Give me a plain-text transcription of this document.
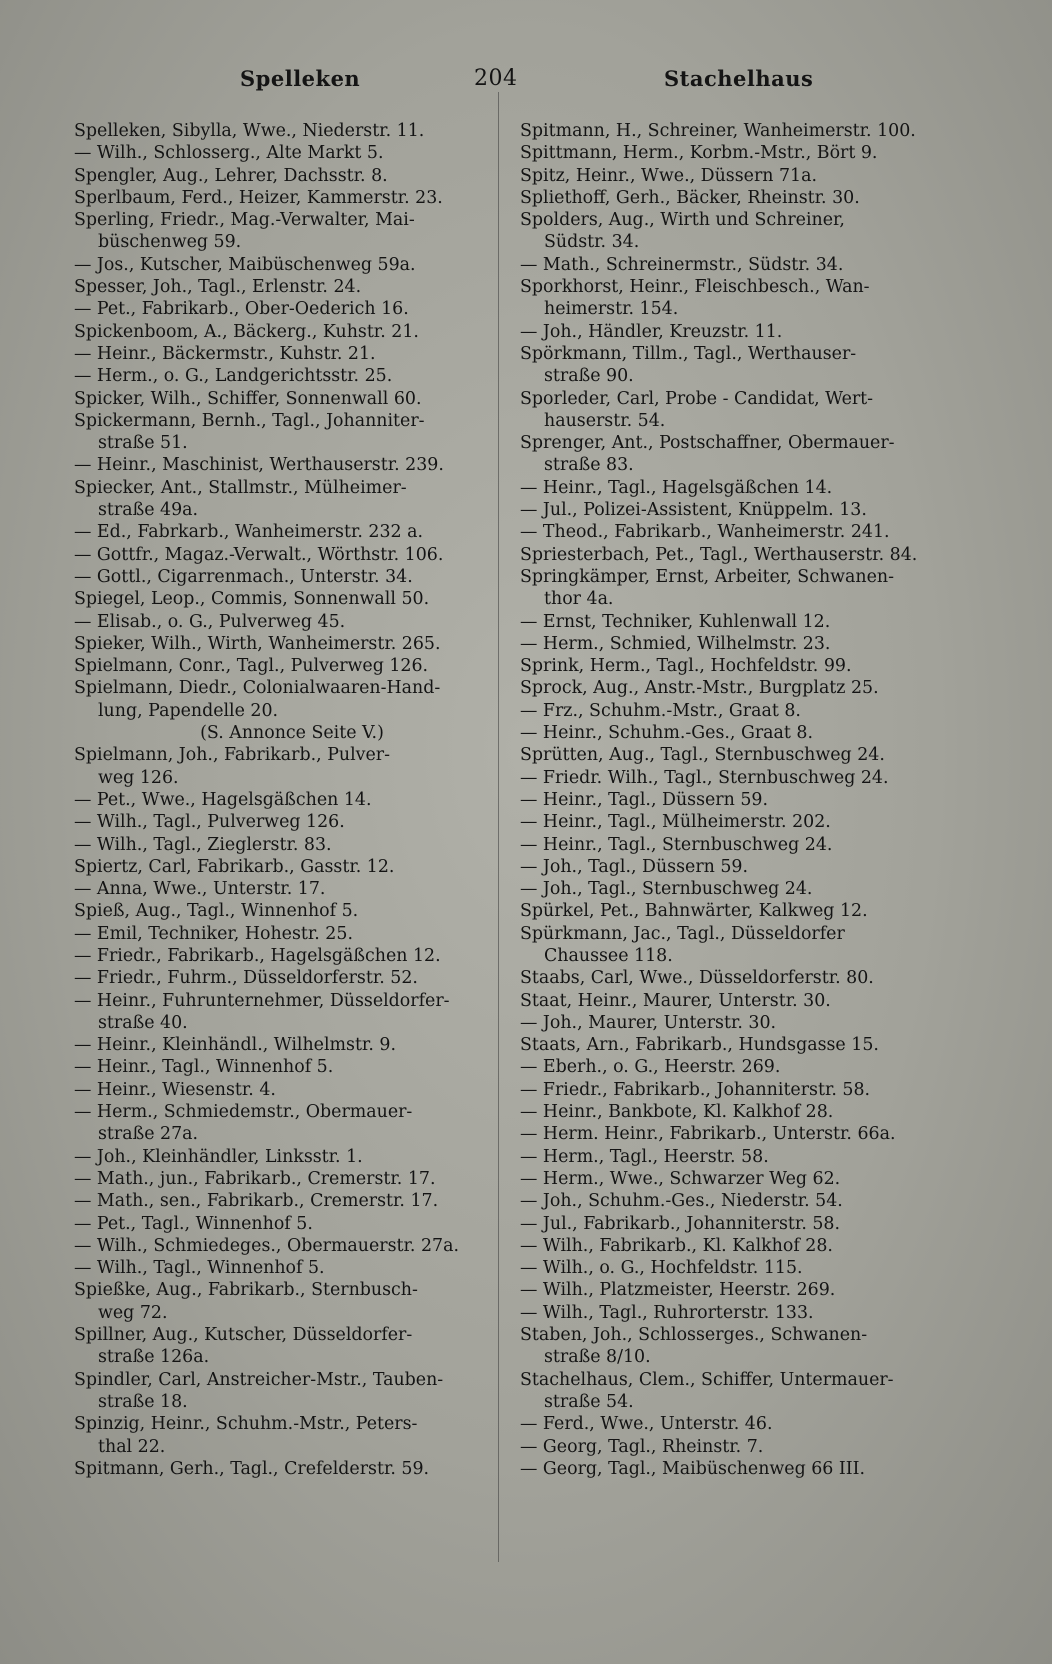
Spelleken	204	Stachelhaus
Spelleken, Sibylla, Wwe., Niederstr. 11.
— Wilh., Schlosserg., Alte Markt 5.
Spengler, Aug., Lehrer, Dachsstr. 8.
Sperlbaum, Ferd., Heizer, Kammerstr. 23.
Sperling, Friedr., Mag.-Verwalter, Mai-
büschenweg 59.
— Jos., Kutscher, Maibüschenweg 59a.
Spesser, Joh., Tagl., Erlenstr. 24.
— Pet., Fabrikarb., Ober-Oederich 16.
Spickenboom, A., Bäckerg., Kuhstr. 21.
— Heinr., Bäckermstr., Kuhstr. 21.
— Herm., o. G., Landgerichtsstr. 25.
Spicker, Wilh., Schiffer, Sonnenwall 60.
Spickermann, Bernh., Tagl., Johanniter-
straße 51.
— Heinr., Maschinist, Werthauserstr. 239.
Spiecker, Ant., Stallmstr., Mülheimer-
straße 49a.
— Ed., Fabrkarb., Wanheimerstr. 232 a.
— Gottfr., Magaz.-Verwalt., Wörthstr. 106.
— Gottl., Cigarrenmach., Unterstr. 34.
Spiegel, Leop., Commis, Sonnenwall 50.
— Elisab., o. G., Pulverweg 45.
Spieker, Wilh., Wirth, Wanheimerstr. 265.
Spielmann, Conr., Tagl., Pulverweg 126.
Spielmann, Diedr., Colonialwaaren-Hand-
lung, Papendelle 20.
(S. Annonce Seite V.)
Spielmann, Joh., Fabrikarb., Pulver-
weg 126.
— Pet., Wwe., Hagelsgäßchen 14.
— Wilh., Tagl., Pulverweg 126.
— Wilh., Tagl., Zieglerstr. 83.
Spiertz, Carl, Fabrikarb., Gasstr. 12.
— Anna, Wwe., Unterstr. 17.
Spieß, Aug., Tagl., Winnenhof 5.
— Emil, Techniker, Hohestr. 25.
— Friedr., Fabrikarb., Hagelsgäßchen 12.
— Friedr., Fuhrm., Düsseldorferstr. 52.
— Heinr., Fuhrunternehmer, Düsseldorfer-
straße 40.
— Heinr., Kleinhändl., Wilhelmstr. 9.
— Heinr., Tagl., Winnenhof 5.
— Heinr., Wiesenstr. 4.
— Herm., Schmiedemstr., Obermauer-
straße 27a.
— Joh., Kleinhändler, Linksstr. 1.
— Math., jun., Fabrikarb., Cremerstr. 17.
— Math., sen., Fabrikarb., Cremerstr. 17.
— Pet., Tagl., Winnenhof 5.
— Wilh., Schmiedeges., Obermauerstr. 27a.
— Wilh., Tagl., Winnenhof 5.
Spießke, Aug., Fabrikarb., Sternbusch-
weg 72.
Spillner, Aug., Kutscher, Düsseldorfer-
straße 126a.
Spindler, Carl, Anstreicher-Mstr., Tauben-
straße 18.
Spinzig, Heinr., Schuhm.-Mstr., Peters-
thal 22.
Spitmann, Gerh., Tagl., Crefelderstr. 59.
Spitmann, H., Schreiner, Wanheimerstr. 100.
Spittmann, Herm., Korbm.-Mstr., Bört 9.
Spitz, Heinr., Wwe., Düssern 71a.
Spliethoff, Gerh., Bäcker, Rheinstr. 30.
Spolders, Aug., Wirth und Schreiner,
Südstr. 34.
— Math., Schreinermstr., Südstr. 34.
Sporkhorst, Heinr., Fleischbesch., Wan-
heimerstr. 154.
— Joh., Händler, Kreuzstr. 11.
Spörkmann, Tillm., Tagl., Werthauser-
straße 90.
Sporleder, Carl, Probe - Candidat, Wert-
hauserstr. 54.
Sprenger, Ant., Postschaffner, Obermauer-
straße 83.
— Heinr., Tagl., Hagelsgäßchen 14.
— Jul., Polizei-Assistent, Knüppelm. 13.
— Theod., Fabrikarb., Wanheimerstr. 241.
Spriesterbach, Pet., Tagl., Werthauserstr. 84.
Springkämper, Ernst, Arbeiter, Schwanen-
thor 4a.
— Ernst, Techniker, Kuhlenwall 12.
— Herm., Schmied, Wilhelmstr. 23.
Sprink, Herm., Tagl., Hochfeldstr. 99.
Sprock, Aug., Anstr.-Mstr., Burgplatz 25.
— Frz., Schuhm.-Mstr., Graat 8.
— Heinr., Schuhm.-Ges., Graat 8.
Sprütten, Aug., Tagl., Sternbuschweg 24.
— Friedr. Wilh., Tagl., Sternbuschweg 24.
— Heinr., Tagl., Düssern 59.
— Heinr., Tagl., Mülheimerstr. 202.
— Heinr., Tagl., Sternbuschweg 24.
— Joh., Tagl., Düssern 59.
— Joh., Tagl., Sternbuschweg 24.
Spürkel, Pet., Bahnwärter, Kalkweg 12.
Spürkmann, Jac., Tagl., Düsseldorfer
Chaussee 118.
Staabs, Carl, Wwe., Düsseldorferstr. 80.
Staat, Heinr., Maurer, Unterstr. 30.
— Joh., Maurer, Unterstr. 30.
Staats, Arn., Fabrikarb., Hundsgasse 15.
— Eberh., o. G., Heerstr. 269.
— Friedr., Fabrikarb., Johanniterstr. 58.
— Heinr., Bankbote, Kl. Kalkhof 28.
— Herm. Heinr., Fabrikarb., Unterstr. 66a.
— Herm., Tagl., Heerstr. 58.
— Herm., Wwe., Schwarzer Weg 62.
— Joh., Schuhm.-Ges., Niederstr. 54.
— Jul., Fabrikarb., Johanniterstr. 58.
— Wilh., Fabrikarb., Kl. Kalkhof 28.
— Wilh., o. G., Hochfeldstr. 115.
— Wilh., Platzmeister, Heerstr. 269.
— Wilh., Tagl., Ruhrorterstr. 133.
Staben, Joh., Schlosserges., Schwanen-
straße 8/10.
Stachelhaus, Clem., Schiffer, Untermauer-
straße 54.
— Ferd., Wwe., Unterstr. 46.
— Georg, Tagl., Rheinstr. 7.
— Georg, Tagl., Maibüschenweg 66 III.
